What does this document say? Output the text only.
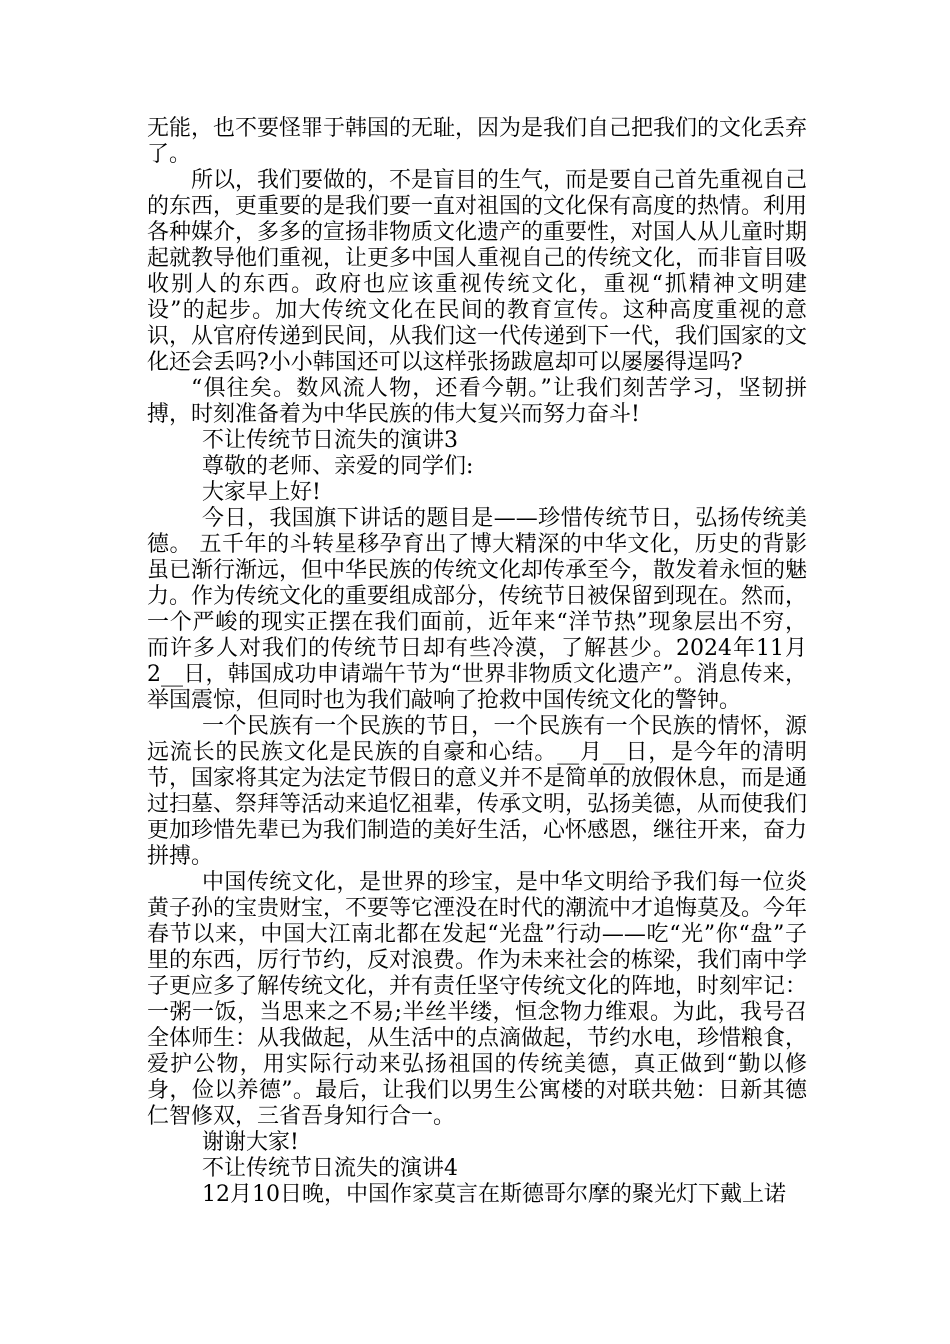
无能，也不要怪罪于韩国的无耻，因为是我们自己把我们的文化丢弃了。

所以，我们要做的，不是盲目的生气，而是要自己首先重视自己的东西，更重要的是我们要一直对祖国的文化保有高度的热情。利用各种媒介，多多的宣扬非物质文化遗产的重要性，对国人从儿童时期起就教导他们重视，让更多中国人重视自己的传统文化，而非盲目吸收别人的东西。政府也应该重视传统文化，重视“抓精神文明建设”的起步。加大传统文化在民间的教育宣传。这种高度重视的意识，从官府传递到民间，从我们这一代传递到下一代，我们国家的文化还会丢吗?小小韩国还可以这样张扬跋扈却可以屡屡得逞吗?

“俱往矣。数风流人物，还看今朝。”让我们刻苦学习，坚韧拼搏，时刻准备着为中华民族的伟大复兴而努力奋斗!

不让传统节日流失的演讲3

尊敬的老师、亲爱的同学们:

大家早上好!

今日，我国旗下讲话的题目是——珍惜传统节日，弘扬传统美德。 五千年的斗转星移孕育出了博大精深的中华文化，历史的背影虽已渐行渐远，但中华民族的传统文化却传承至今，散发着永恒的魅力。作为传统文化的重要组成部分，传统节日被保留到现在。然而，一个严峻的现实正摆在我们面前，近年来“洋节热”现象层出不穷，而许多人对我们的传统节日却有些冷漠，了解甚少。2024年11月2__日，韩国成功申请端午节为“世界非物质文化遗产”。消息传来，举国震惊，但同时也为我们敲响了抢救中国传统文化的警钟。

一个民族有一个民族的节日，一个民族有一个民族的情怀，源远流长的民族文化是民族的自豪和心结。__月__日，是今年的清明节，国家将其定为法定节假日的意义并不是简单的放假休息，而是通过扫墓、祭拜等活动来追忆祖辈，传承文明，弘扬美德，从而使我们更加珍惜先辈已为我们制造的美好生活，心怀感恩，继往开来，奋力拼搏。

中国传统文化，是世界的珍宝，是中华文明给予我们每一位炎黄子孙的宝贵财宝，不要等它湮没在时代的潮流中才追悔莫及。今年春节以来，中国大江南北都在发起“光盘”行动——吃“光”你“盘”子里的东西，厉行节约，反对浪费。作为未来社会的栋梁，我们南中学子更应多了解传统文化，并有责任坚守传统文化的阵地，时刻牢记：一粥一饭，当思来之不易;半丝半缕，恒念物力维艰。为此，我号召全体师生：从我做起，从生活中的点滴做起，节约水电，珍惜粮食，爱护公物，用实际行动来弘扬祖国的传统美德，真正做到“勤以修身，俭以养德”。最后，让我们以男生公寓楼的对联共勉：日新其德仁智修双，三省吾身知行合一。

谢谢大家!

不让传统节日流失的演讲4

12月10日晚，中国作家莫言在斯德哥尔摩的聚光灯下戴上诺
